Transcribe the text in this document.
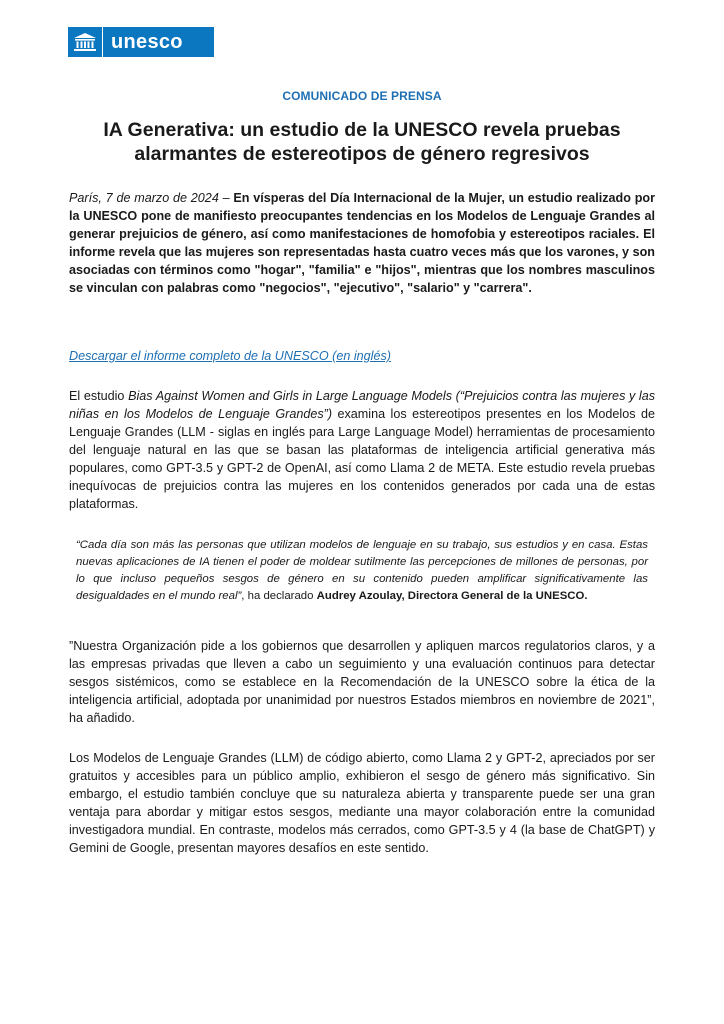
unesco
COMUNICADO DE PRENSA
IA Generativa: un estudio de la UNESCO revela pruebas alarmantes de estereotipos de género regresivos

París, 7 de marzo de 2024 – En vísperas del Día Internacional de la Mujer, un estudio realizado por la UNESCO pone de manifiesto preocupantes tendencias en los Modelos de Lenguaje Grandes al generar prejuicios de género, así como manifestaciones de homofobia y estereotipos raciales. El informe revela que las mujeres son representadas hasta cuatro veces más que los varones, y son asociadas con términos como "hogar", "familia" e "hijos", mientras que los nombres masculinos se vinculan con palabras como "negocios", "ejecutivo", "salario" y "carrera".

Descargar el informe completo de la UNESCO (en inglés)

El estudio Bias Against Women and Girls in Large Language Models (“Prejuicios contra las mujeres y las niñas en los Modelos de Lenguaje Grandes”) examina los estereotipos presentes en los Modelos de Lenguaje Grandes (LLM - siglas en inglés para Large Language Model) herramientas de procesamiento del lenguaje natural en las que se basan las plataformas de inteligencia artificial generativa más populares, como GPT-3.5 y GPT-2 de OpenAI, así como Llama 2 de META. Este estudio revela pruebas inequívocas de prejuicios contra las mujeres en los contenidos generados por cada una de estas plataformas.

“Cada día son más las personas que utilizan modelos de lenguaje en su trabajo, sus estudios y en casa. Estas nuevas aplicaciones de IA tienen el poder de moldear sutilmente las percepciones de millones de personas, por lo que incluso pequeños sesgos de género en su contenido pueden amplificar significativamente las desigualdades en el mundo real”, ha declarado Audrey Azoulay, Directora General de la UNESCO.

”Nuestra Organización pide a los gobiernos que desarrollen y apliquen marcos regulatorios claros, y a las empresas privadas que lleven a cabo un seguimiento y una evaluación continuos para detectar sesgos sistémicos, como se establece en la Recomendación de la UNESCO sobre la ética de la inteligencia artificial, adoptada por unanimidad por nuestros Estados miembros en noviembre de 2021”, ha añadido.

Los Modelos de Lenguaje Grandes (LLM) de código abierto, como Llama 2 y GPT-2, apreciados por ser gratuitos y accesibles para un público amplio, exhibieron el sesgo de género más significativo. Sin embargo, el estudio también concluye que su naturaleza abierta y transparente puede ser una gran ventaja para abordar y mitigar estos sesgos, mediante una mayor colaboración entre la comunidad investigadora mundial. En contraste, modelos más cerrados, como GPT-3.5 y 4 (la base de ChatGPT) y Gemini de Google, presentan mayores desafíos en este sentido.
